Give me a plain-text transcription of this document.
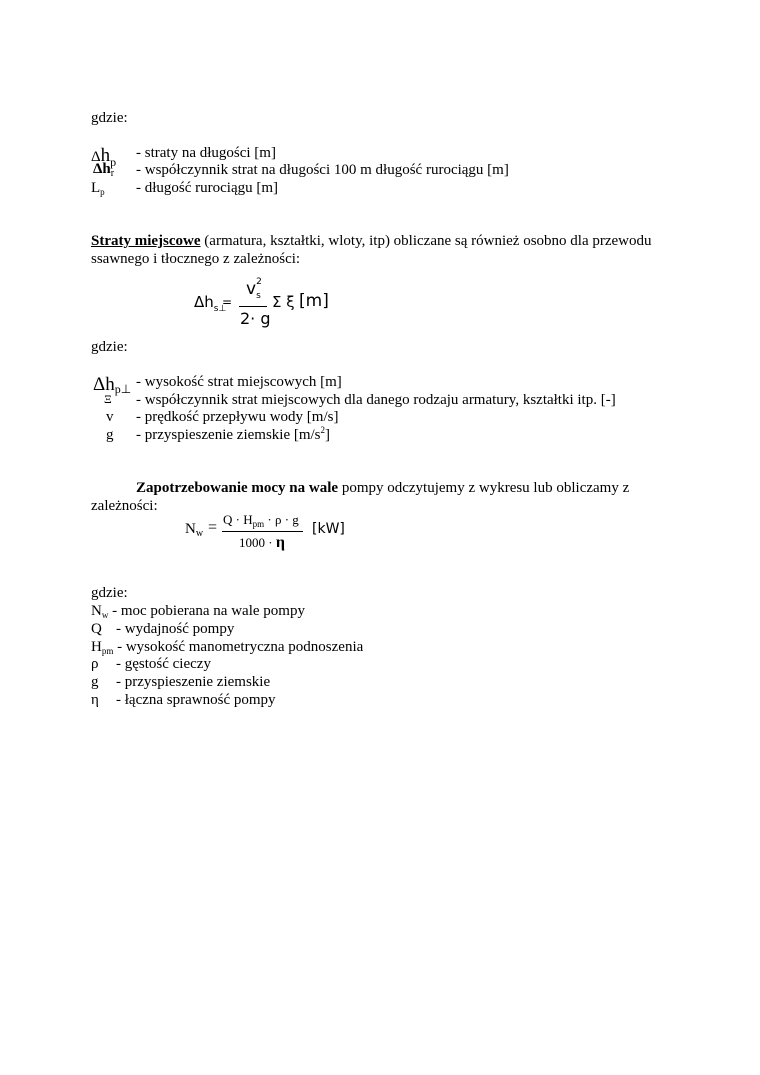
gdzie:
$\Delta h_p$
$\Delta h_r$
$L_p$
- straty na długości [m]
- współczynnik strat na długości 100 m długość rurociągu [m]
- długość rurociągu [m]
Straty miejscowe (armatura, kształtki, wloty, itp) obliczane są również osobno dla przewodu
ssawnego i tłocznego z zależności:
$\Delta h_{s\perp}$
=
v 2
s
2· g
Σ ξ [m]
gdzie:
Δhp⊥
Ξ
v
g
- wysokość strat miejscowych [m]
- współczynnik strat miejscowych dla danego rodzaju armatury, kształtki itp. [-]
- prędkość przepływu wody [m/s]
- przyspieszenie ziemskie $[m/s^2]$
Zapotrzebowanie mocy na wale pompy odczytujemy z wykresu lub obliczamy z
zależności:
$N_w = Q \cdot H_{pm} \cdot \rho \cdot g$
1000 · η
[kW]
gdzie:
$N_w$ - moc pobierana na wale pompy
Q - wydajność pompy
$H_{pm}$ - wysokość manometryczna podnoszenia
ρ - gęstość cieczy
g - przyspieszenie ziemskie
η - łączna sprawność pompy
